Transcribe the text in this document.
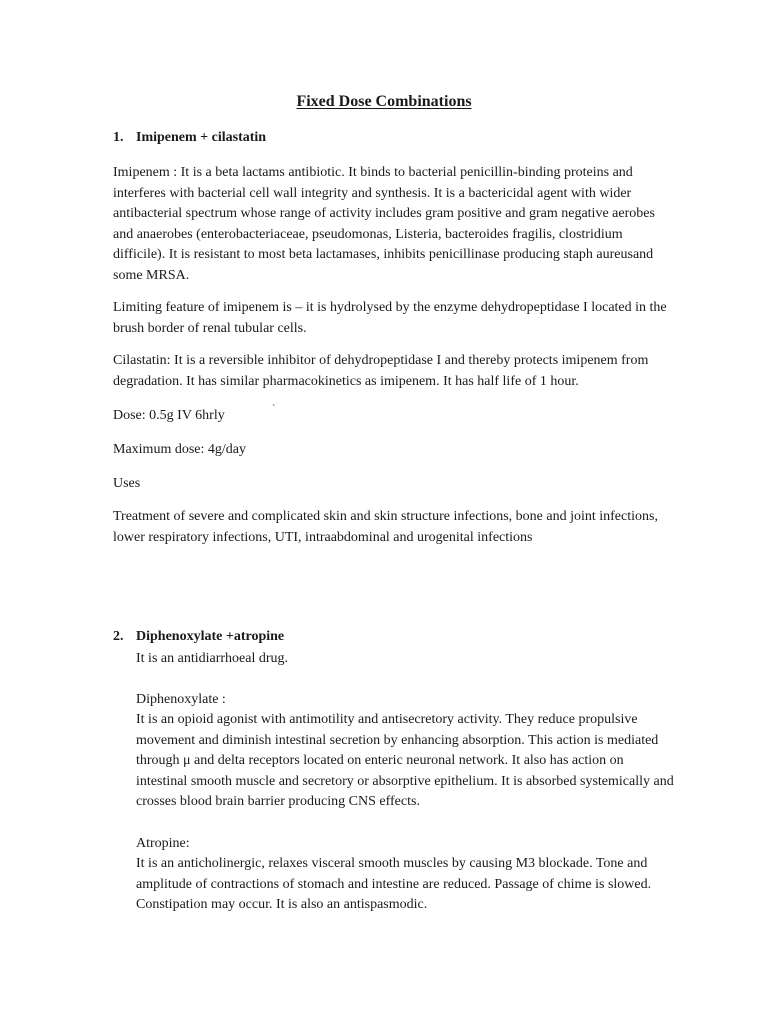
Fixed Dose Combinations
1. Imipenem + cilastatin
Imipenem : It is a beta lactams antibiotic. It binds to bacterial penicillin-binding proteins and interferes with bacterial cell wall integrity and synthesis. It is a bactericidal agent with wider antibacterial spectrum whose range of activity includes gram positive and gram negative aerobes and anaerobes (enterobacteriaceae, pseudomonas, Listeria, bacteroides fragilis, clostridium difficile). It is resistant to most beta lactamases, inhibits penicillinase producing staph aureusand some MRSA.
Limiting feature of imipenem is – it is hydrolysed by the enzyme dehydropeptidase I located in the brush border of renal tubular cells.
Cilastatin: It is a reversible inhibitor of dehydropeptidase I and thereby protects imipenem from degradation. It has similar pharmacokinetics as imipenem. It has half life of 1 hour.
Dose: 0.5g IV 6hrly	`
Maximum dose: 4g/day
Uses
Treatment of severe and complicated skin and skin structure infections, bone and joint infections, lower respiratory infections, UTI, intraabdominal and urogenital infections
2. Diphenoxylate +atropine
It is an antidiarrhoeal drug.
Diphenoxylate :
It is an opioid agonist with antimotility and antisecretory activity. They reduce propulsive movement and diminish intestinal secretion by enhancing absorption. This action is mediated through μ and delta receptors located on enteric neuronal network. It also has action on intestinal smooth muscle and secretory or absorptive epithelium. It is absorbed systemically and crosses blood brain barrier producing CNS effects.
Atropine:
It is an anticholinergic, relaxes visceral smooth muscles by causing M3 blockade. Tone and amplitude of contractions of stomach and intestine are reduced. Passage of chime is slowed. Constipation may occur. It is also an antispasmodic.
